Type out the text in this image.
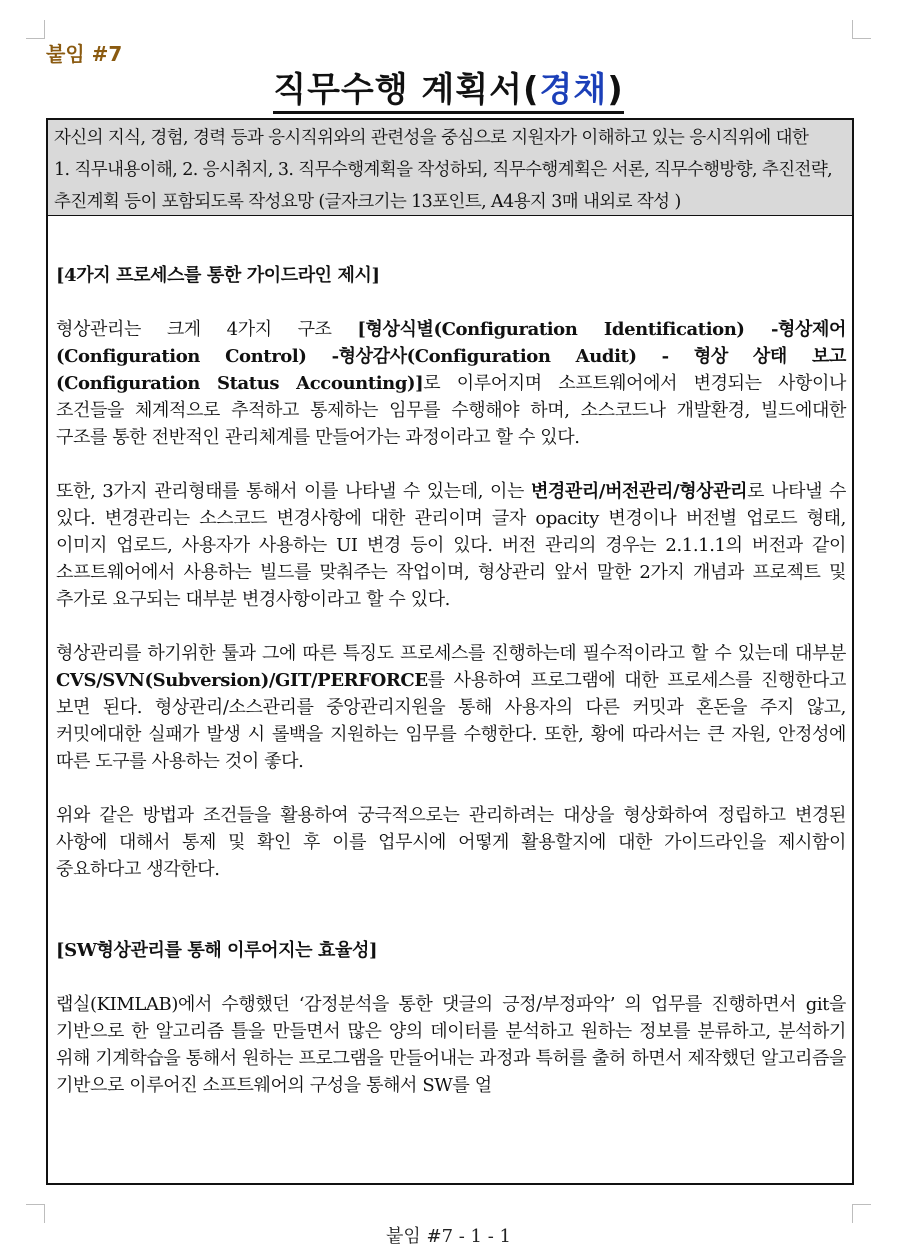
붙임 #7
직무수행 계획서(경채)
자신의 지식, 경험, 경력 등과 응시직위와의 관련성을 중심으로 지원자가 이해하고 있는 응시직위에 대한
1. 직무내용이해, 2. 응시취지, 3. 직무수행계획을 작성하되, 직무수행계획은 서론, 직무수행방향, 추진전략,
추진계획 등이 포함되도록 작성요망 (글자크기는 13포인트, A4용지 3매 내외로 작성 )

[4가지 프로세스를 통한 가이드라인 제시]

형상관리는 크게 4가지 구조 [형상식별(Configuration Identification) -형상제어(Configuration Control) -형상감사(Configuration Audit) - 형상 상태 보고(Configuration Status Accounting)]로 이루어지며 소프트웨어에서 변경되는 사항이나 조건들을 체계적으로 추적하고 통제하는 임무를 수행해야 하며, 소스코드나 개발환경, 빌드에대한 구조를 통한 전반적인 관리체계를 만들어가는 과정이라고 할 수 있다.

또한, 3가지 관리형태를 통해서 이를 나타낼 수 있는데, 이는 변경관리/버전관리/형상관리로 나타낼 수 있다. 변경관리는 소스코드 변경사항에 대한 관리이며 글자 opacity 변경이나 버전별 업로드 형태, 이미지 업로드, 사용자가 사용하는 UI 변경 등이 있다. 버전 관리의 경우는 2.1.1.1의 버전과 같이 소프트웨어에서 사용하는 빌드를 맞춰주는 작업이며, 형상관리 앞서 말한 2가지 개념과 프로젝트 및 추가로 요구되는 대부분 변경사항이라고 할 수 있다.

형상관리를 하기위한 툴과 그에 따른 특징도 프로세스를 진행하는데 필수적이라고 할 수 있는데 대부분 CVS/SVN(Subversion)/GIT/PERFORCE를 사용하여 프로그램에 대한 프로세스를 진행한다고 보면 된다. 형상관리/소스관리를 중앙관리지원을 통해 사용자의 다른 커밋과 혼돈을 주지 않고, 커밋에대한 실패가 발생 시 롤백을 지원하는 임무를 수행한다. 또한, 황에 따라서는 큰 자원, 안정성에 따른 도구를 사용하는 것이 좋다.

위와 같은 방법과 조건들을 활용하여 궁극적으로는 관리하려는 대상을 형상화하여 정립하고 변경된 사항에 대해서 통제 및 확인 후 이를 업무시에 어떻게 활용할지에 대한 가이드라인을 제시함이 중요하다고 생각한다.

[SW형상관리를 통해 이루어지는 효율성]

랩실(KIMLAB)에서 수행했던 ‘감정분석을 통한 댓글의 긍정/부정파악’ 의 업무를 진행하면서 git을 기반으로 한 알고리즘 틀을 만들면서 많은 양의 데이터를 분석하고 원하는 정보를 분류하고, 분석하기 위해 기계학습을 통해서 원하는 프로그램을 만들어내는 과정과 특허를 출허 하면서 제작했던 알고리즘을 기반으로 이루어진 소프트웨어의 구성을 통해서 SW를 얼

붙임 #7 - 1 - 1
